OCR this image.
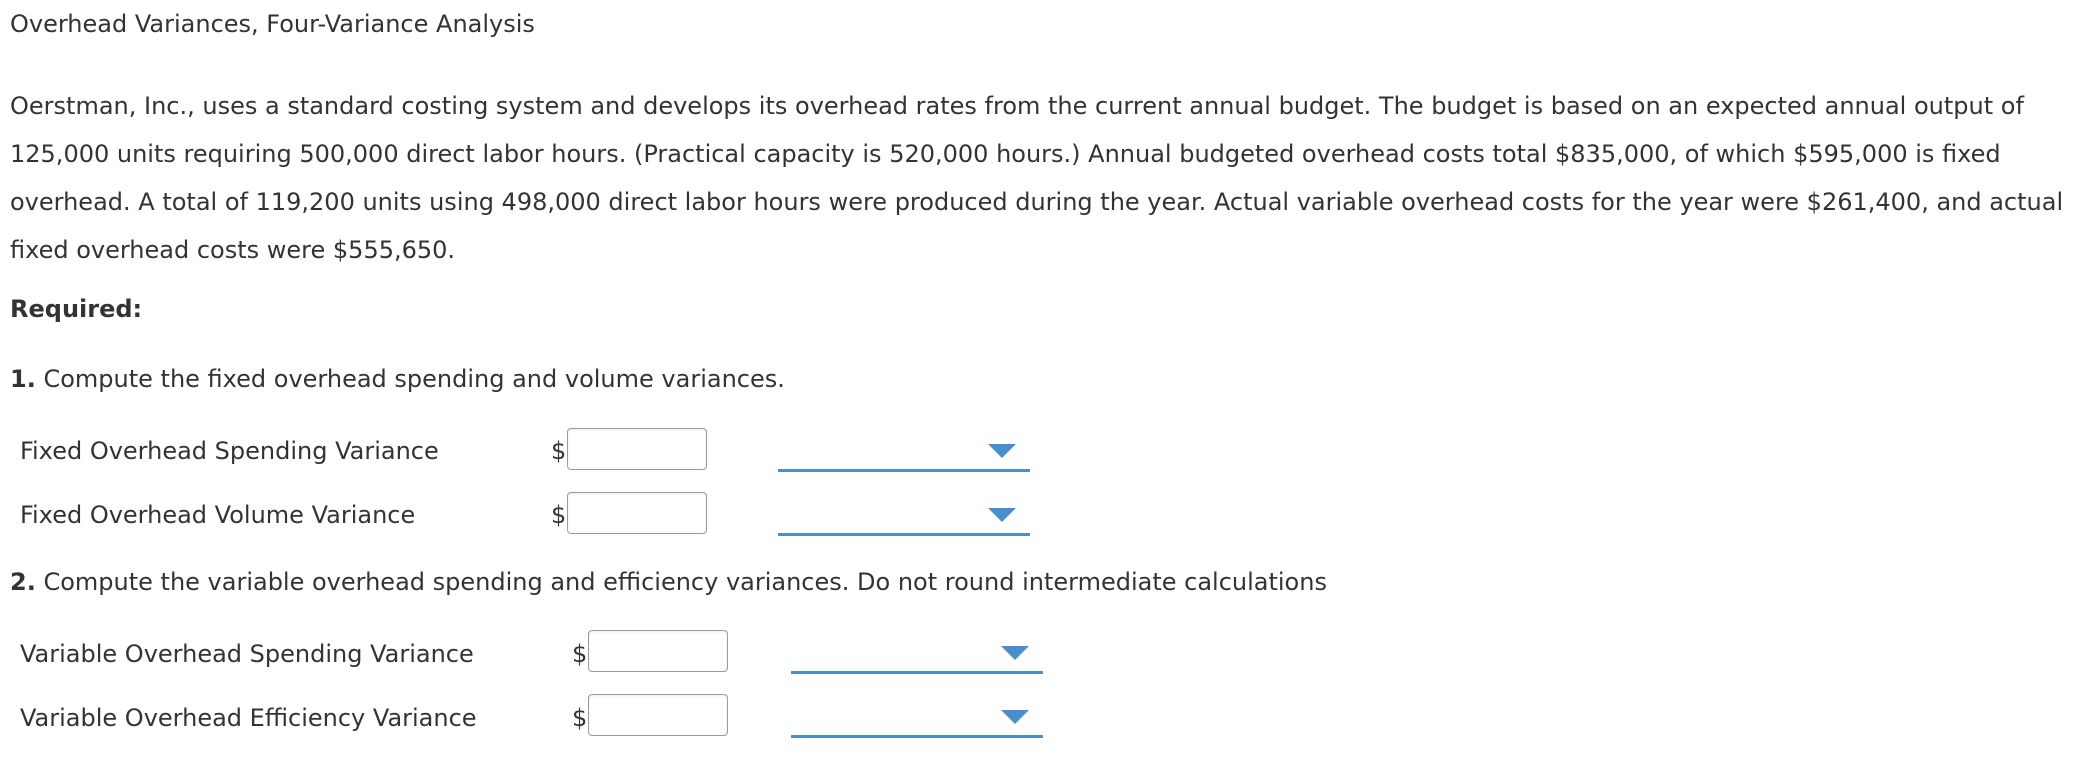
Overhead Variances, Four-Variance Analysis
Oerstman, Inc., uses a standard costing system and develops its overhead rates from the current annual budget. The budget is based on an expected annual output of 125,000 units requiring 500,000 direct labor hours. (Practical capacity is 520,000 hours.) Annual budgeted overhead costs total $835,000, of which $595,000 is fixed overhead. A total of 119,200 units using 498,000 direct labor hours were produced during the year. Actual variable overhead costs for the year were $261,400, and actual fixed overhead costs were $555,650.
Required:
1. Compute the fixed overhead spending and volume variances.
Fixed Overhead Spending Variance	$
Fixed Overhead Volume Variance	$
2. Compute the variable overhead spending and efficiency variances. Do not round intermediate calculations
Variable Overhead Spending Variance	$
Variable Overhead Efficiency Variance	$
